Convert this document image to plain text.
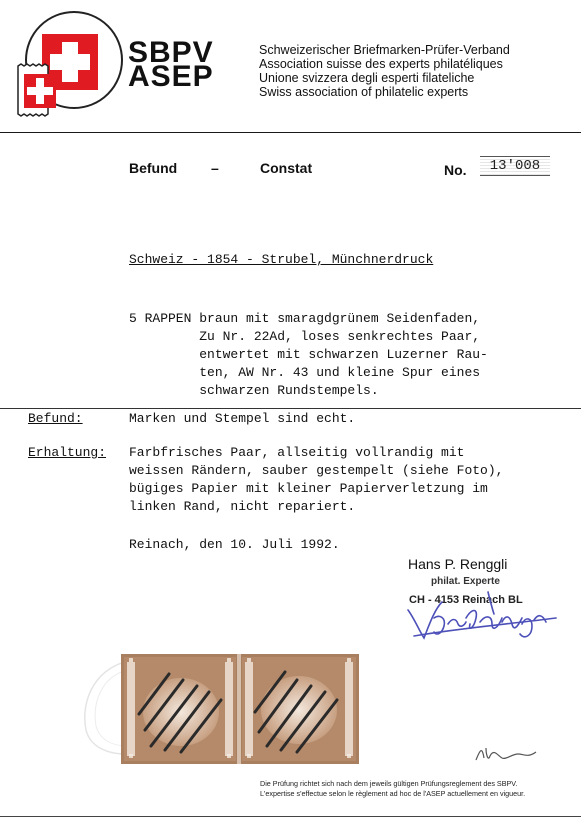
SBPV
ASEP
Schweizerischer Briefmarken-Prüfer-Verband
Association suisse des experts philatéliques
Unione svizzera degli esperti filateliche
Swiss association of philatelic experts
Befund –	Constat	No.	13'008
Schweiz - 1854 - Strubel, Münchnerdruck
5 RAPPEN braun mit smaragdgrünem Seidenfaden,
Zu Nr. 22Ad, loses senkrechtes Paar,
entwertet mit schwarzen Luzerner Rau-
ten, AW Nr. 43 und kleine Spur eines
schwarzen Rundstempels.
Befund:	Marken und Stempel sind echt.
Erhaltung: Farbfrisches Paar, allseitig vollrandig mit
weissen Rändern, sauber gestempelt (siehe Foto),
bügiges Papier mit kleiner Papierverletzung im
linken Rand, nicht repariert.
Reinach, den 10. Juli 1992.
Hans P. Renggli
philat. Experte
CH - 4153 Reinach BL
Die Prüfung richtet sich nach dem jeweils gültigen Prüfungsreglement des SBPV.
L'expertise s'effectue selon le règlement ad hoc de l'ASEP actuellement en vigueur.
